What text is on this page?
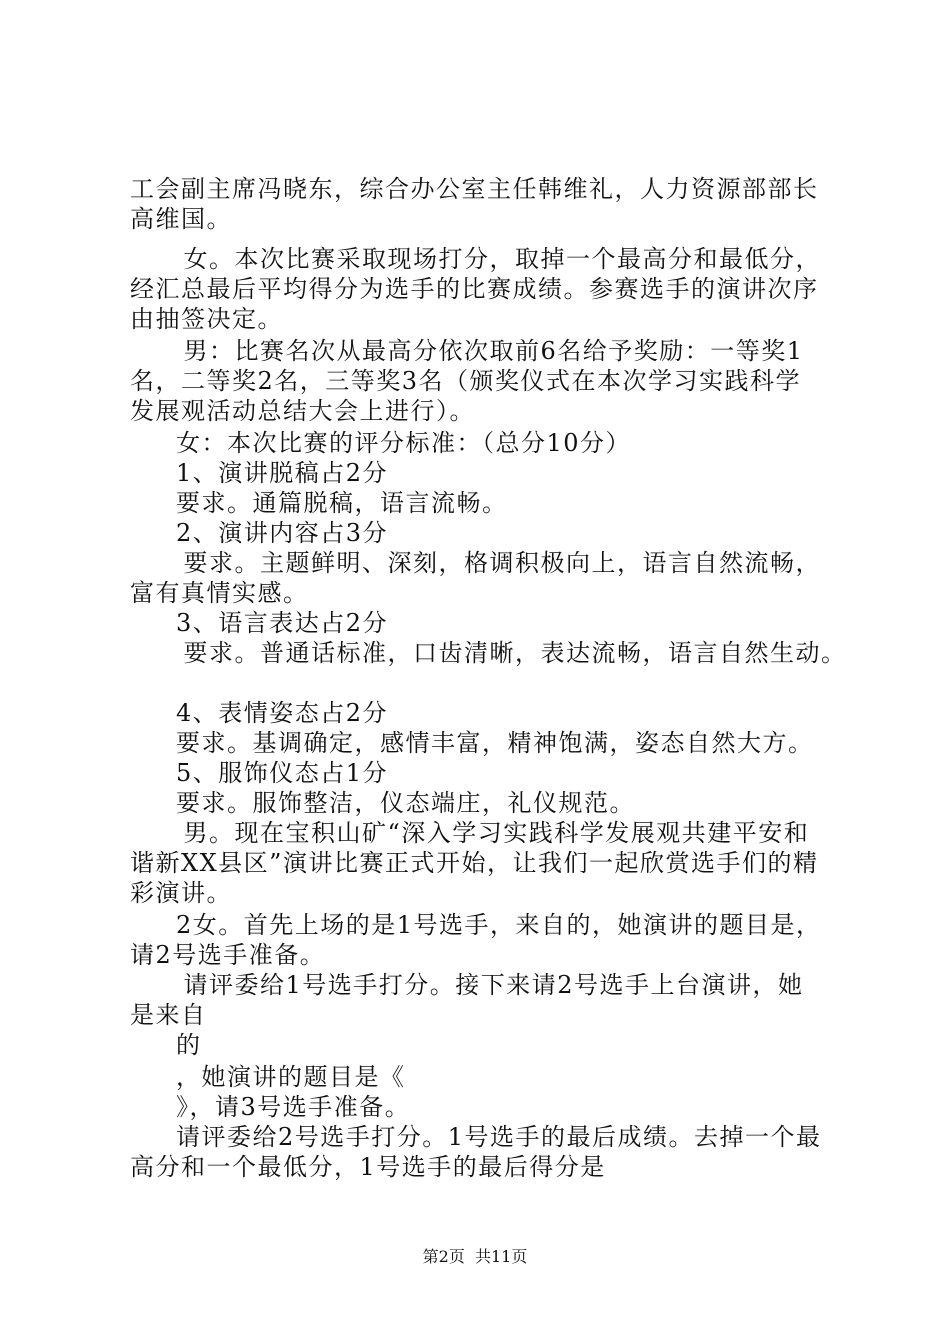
工会副主席冯晓东，综合办公室主任韩维礼，人力资源部部长
高维国。
　女。本次比赛采取现场打分，取掉一个最高分和最低分，
经汇总最后平均得分为选手的比赛成绩。参赛选手的演讲次序
由抽签决定。
　男：比赛名次从最高分依次取前6名给予奖励：一等奖1
名，二等奖2名，三等奖3名（颁奖仪式在本次学习实践科学
发展观活动总结大会上进行）。
女：本次比赛的评分标准：（总分10分）
1、演讲脱稿占2分
要求。通篇脱稿，语言流畅。
2、演讲内容占3分
　要求。主题鲜明、深刻，格调积极向上，语言自然流畅，
富有真情实感。
3、语言表达占2分
　要求。普通话标准，口齿清晰，表达流畅，语言自然生动。
4、表情姿态占2分
要求。基调确定，感情丰富，精神饱满，姿态自然大方。
5、服饰仪态占1分
要求。服饰整洁，仪态端庄，礼仪规范。
　男。现在宝积山矿“深入学习实践科学发展观共建平安和
谐新XX县区”演讲比赛正式开始，让我们一起欣赏选手们的精
彩演讲。
2女。首先上场的是1号选手，来自的，她演讲的题目是，
请2号选手准备。
　请评委给1号选手打分。接下来请2号选手上台演讲，她
是来自
的
，她演讲的题目是《
》，请3号选手准备。
请评委给2号选手打分。1号选手的最后成绩。去掉一个最
高分和一个最低分，1号选手的最后得分是
第2页  共11页
